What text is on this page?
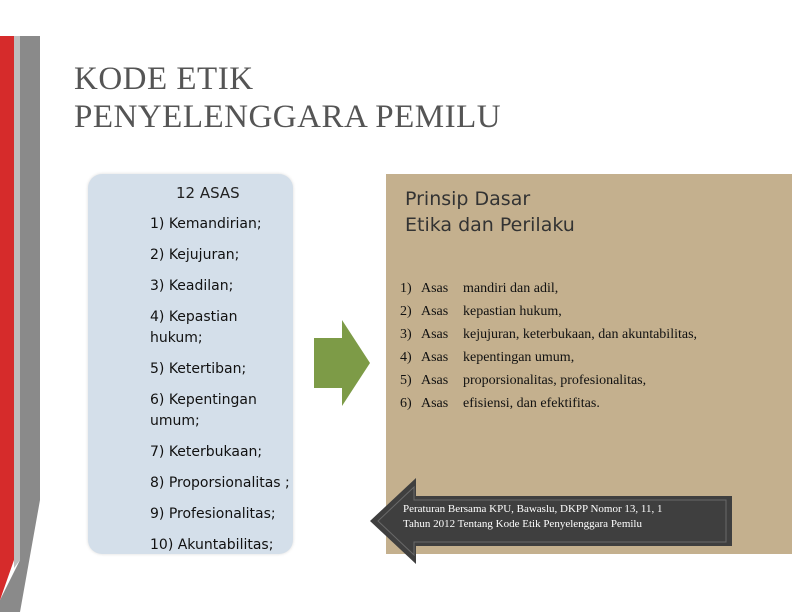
KODE ETIK
PENYELENGGARA PEMILU
12 ASAS
1) Kemandirian;
2) Kejujuran;
3) Keadilan;
4) Kepastian hukum;
5) Ketertiban;
6) Kepentingan umum;
7) Keterbukaan;
8) Proporsionalitas ;
9) Profesionalitas;
10) Akuntabilitas;
Prinsip Dasar
Etika dan Perilaku
1) Asas	mandiri dan adil,
2) Asas	kepastian hukum,
3) Asas	kejujuran, keterbukaan, dan akuntabilitas,
4) Asas	kepentingan umum,
5) Asas	proporsionalitas, profesionalitas,
6) Asas	efisiensi, dan efektifitas.
Peraturan Bersama KPU, Bawaslu, DKPP Nomor 13, 11, 1
Tahun 2012 Tentang Kode Etik Penyelenggara Pemilu
